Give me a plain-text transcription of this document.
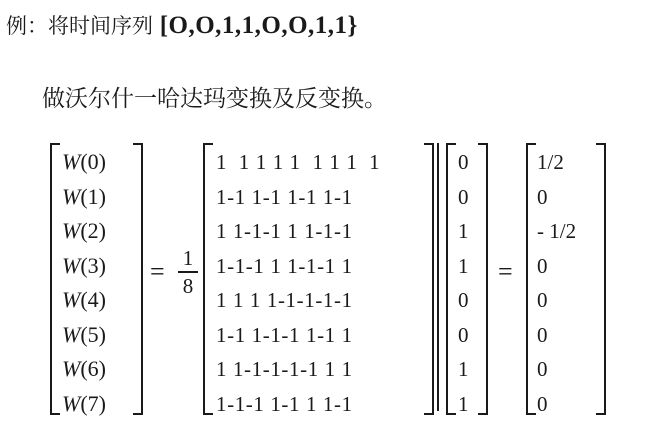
例：将时间序列 [O,O,1,1,O,O,1,1}
做沃尔什一哈达玛变换及反变换。
W(0)
W(1)
W(2)
W(3)
W(4)
W(5)
W(6)
W(7)
= 1
8
1  1 1 1 1  1 1 1  1
1-1 1-1 1-1 1-1
1 1-1-1 1 1-1-1
1-1-1 1 1-1-1 1
1 1 1 1-1-1-1-1
1-1 1-1-1 1-1 1
1 1-1-1-1-1 1 1
1-1-1 1-1 1 1-1
0
0
1
1
0
0
1
1
=
1/2
0
- 1/2
0
0
0
0
0
